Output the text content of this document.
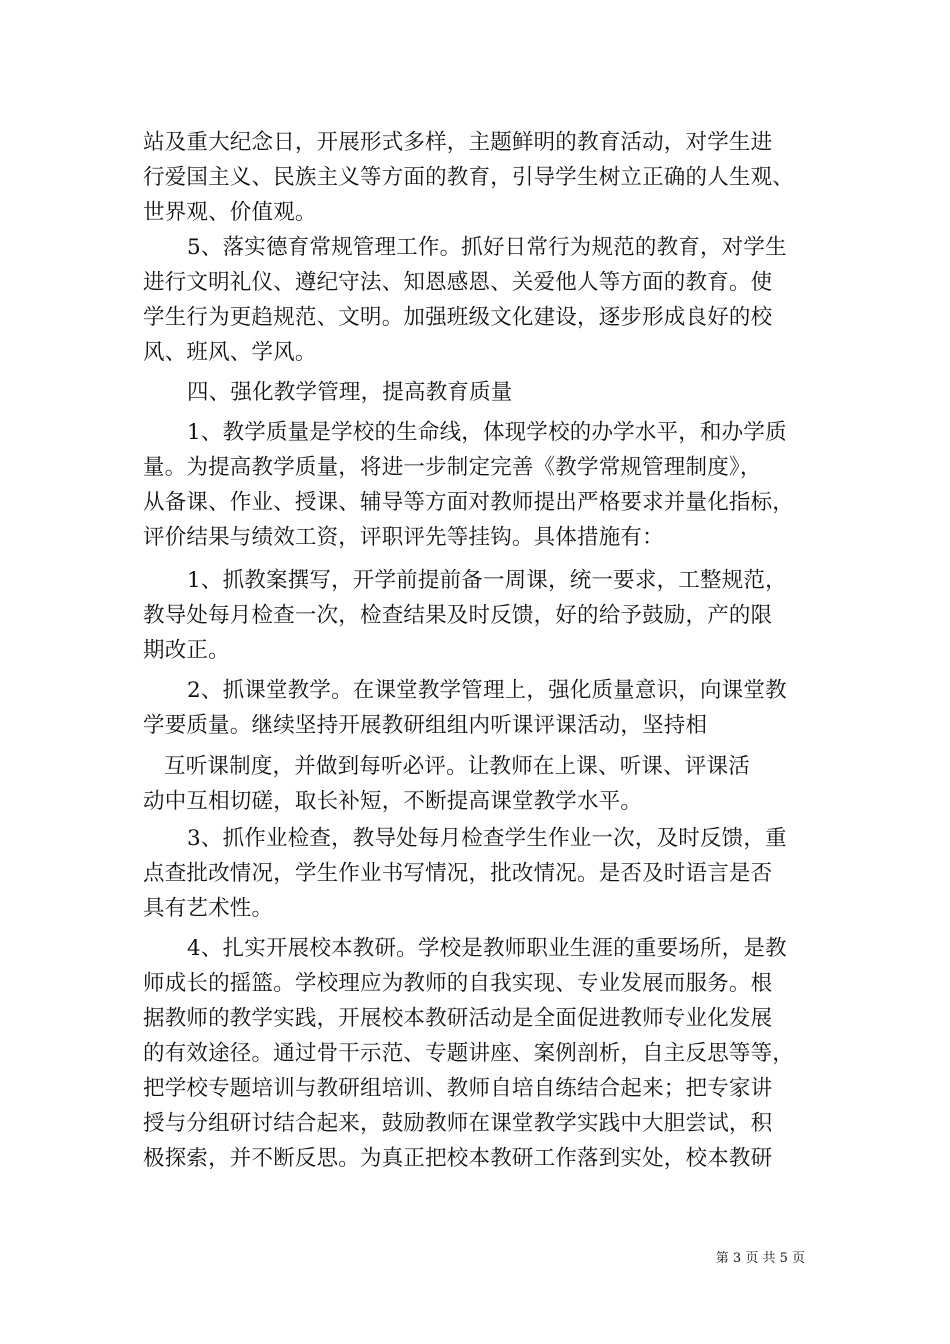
站及重大纪念日，开展形式多样，主题鲜明的教育活动，对学生进
行爱国主义、民族主义等方面的教育，引导学生树立正确的人生观、
世界观、价值观。
5、落实德育常规管理工作。抓好日常行为规范的教育，对学生
进行文明礼仪、遵纪守法、知恩感恩、关爱他人等方面的教育。使
学生行为更趋规范、文明。加强班级文化建设，逐步形成良好的校
风、班风、学风。
四、强化教学管理，提高教育质量
1、教学质量是学校的生命线，体现学校的办学水平，和办学质
量。为提高教学质量，将进一步制定完善《教学常规管理制度》，
从备课、作业、授课、辅导等方面对教师提出严格要求并量化指标，
评价结果与绩效工资，评职评先等挂钩。具体措施有：
1、抓教案撰写，开学前提前备一周课，统一要求，工整规范，
教导处每月检查一次，检查结果及时反馈，好的给予鼓励，产的限
期改正。
2、抓课堂教学。在课堂教学管理上，强化质量意识，向课堂教
学要质量。继续坚持开展教研组组内听课评课活动，坚持相
互听课制度，并做到每听必评。让教师在上课、听课、评课活
动中互相切磋，取长补短，不断提高课堂教学水平。
3、抓作业检查，教导处每月检查学生作业一次，及时反馈，重
点查批改情况，学生作业书写情况，批改情况。是否及时语言是否
具有艺术性。
4、扎实开展校本教研。学校是教师职业生涯的重要场所，是教
师成长的摇篮。学校理应为教师的自我实现、专业发展而服务。根
据教师的教学实践，开展校本教研活动是全面促进教师专业化发展
的有效途径。通过骨干示范、专题讲座、案例剖析，自主反思等等，
把学校专题培训与教研组培训、教师自培自练结合起来；把专家讲
授与分组研讨结合起来，鼓励教师在课堂教学实践中大胆尝试，积
极探索，并不断反思。为真正把校本教研工作落到实处，校本教研
第 3 页 共 5 页
